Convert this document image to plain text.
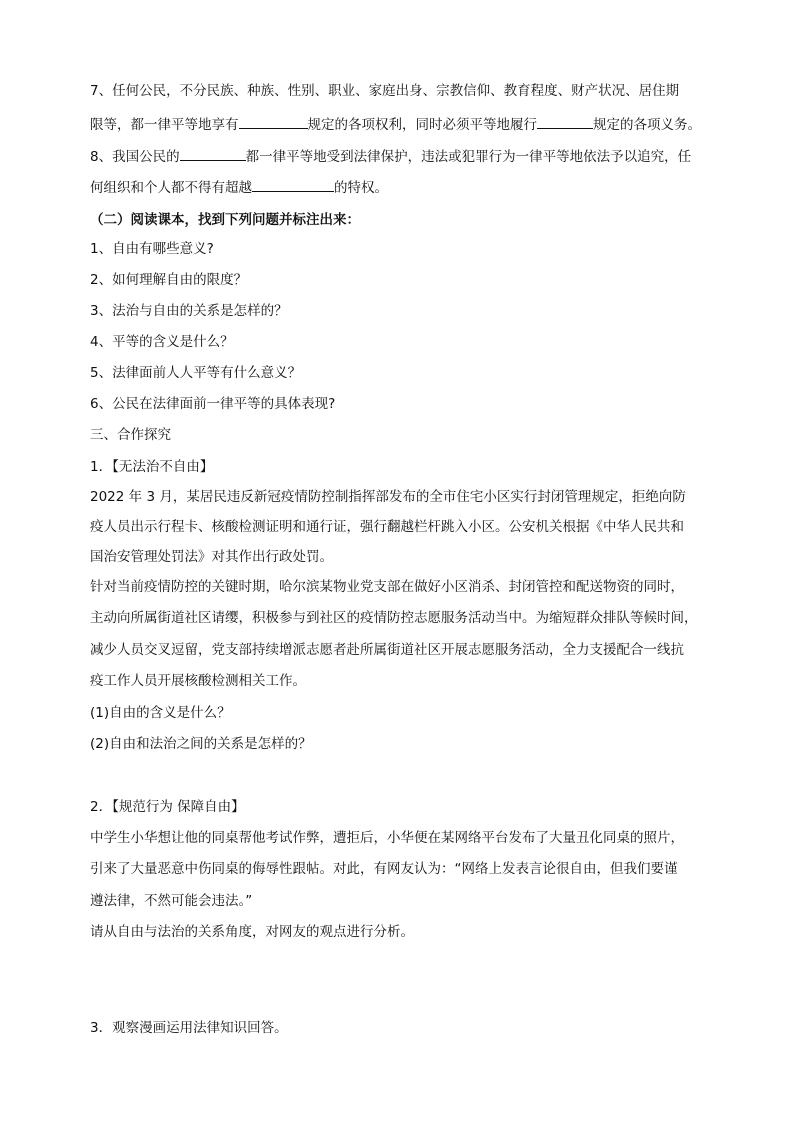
7、任何公民，不分民族、种族、性别、职业、家庭出身、宗教信仰、教育程度、财产状况、居住期
限等，都一律平等地享有	规定的各项权利，同时必须平等地履行	规定的各项义务。
8、我国公民的	都一律平等地受到法律保护，违法或犯罪行为一律平等地依法予以追究，任
何组织和个人都不得有超越	的特权。
（二）阅读课本，找到下列问题并标注出来：
1、自由有哪些意义?
2、如何理解自由的限度？
3、法治与自由的关系是怎样的？
4、平等的含义是什么？
5、法律面前人人平等有什么意义？
6、公民在法律面前一律平等的具体表现?
三、合作探究
1．【无法治不自由】
2022 年 3 月，某居民违反新冠疫情防控制指挥部发布的全市住宅小区实行封闭管理规定，拒绝向防
疫人员出示行程卡、核酸检测证明和通行证，强行翻越栏杆跳入小区。公安机关根据《中华人民共和
国治安管理处罚法》对其作出行政处罚。
针对当前疫情防控的关键时期，哈尔滨某物业党支部在做好小区消杀、封闭管控和配送物资的同时，
主动向所属街道社区请缨，积极参与到社区的疫情防控志愿服务活动当中。为缩短群众排队等候时间，
减少人员交叉逗留，党支部持续增派志愿者赴所属街道社区开展志愿服务活动，全力支援配合一线抗
疫工作人员开展核酸检测相关工作。
(1)自由的含义是什么？
(2)自由和法治之间的关系是怎样的？
2．【规范行为 保障自由】
中学生小华想让他的同桌帮他考试作弊，遭拒后，小华便在某网络平台发布了大量丑化同桌的照片，
引来了大量恶意中伤同桌的侮辱性跟帖。对此，有网友认为：“网络上发表言论很自由，但我们要谨
遵法律，不然可能会违法。”
请从自由与法治的关系角度，对网友的观点进行分析。
3．观察漫画运用法律知识回答。
